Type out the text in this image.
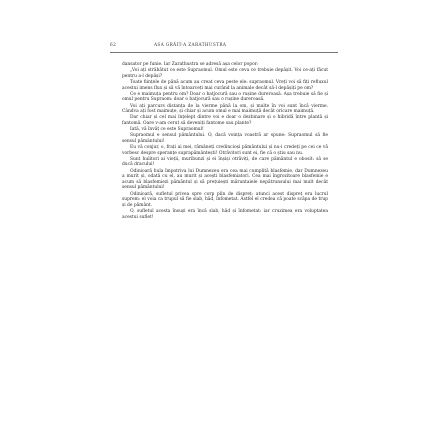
62	ASA GRĂIT-A ZARATHUSTRA

dansator pe funie. Iar Zarathustra se adresă așa celor popor:

„Voi ați străbătut ce este Supraomul. Omul este ceva ce trebuie depășit. Voi ce-ați făcut pentru a-l depăși?

Toate ființele de până acum au creat ceva peste ele: supraomul. Vreți voi să fiți refluxul acestui imens flux și să vă întoarceți mai curând la animale decât să-l depășiți pe om?

Ce e maimuța pentru om? Doar o batjocură sau o rușine dureroasă. Așa trebuie să fie și omul pentru Supraom: doar o batjocură sau o rușine dureroasă.

Voi ați parcurs distanța de la vierme până la om, și multe în voi sunt încă vierme. Cândva ați fost maimuțe, și chiar și acum omul e mai maimuță decât oricare maimuță.

Dar chiar și cel mai înțelept dintre voi e doar o dezbinare și o hibridă între plantă și fantomă. Oare v-am cerut să deveniți fantome sau plante?

Iată, vă învăț ce este Supraomul!

Supraomul e sensul pământului. O, dacă voința voastră ar spune: Supraomul să fie sensul pământului!

Eu vă conjur, o, frați ai mei, rămâneți credincioși pământului și nu-i credeți pe cei ce vă vorbesc despre speranțe suprapământești! Otrăvitori sunt ei, fie că o știu sau nu.

Sunt hulitori ai vieții, muribunzi și ei înșiși otrăviți, de care pământul e obosit: să se ducă dracului!

Odinioară hula împotriva lui Dumnezeu era cea mai cumplită blasfemie, dar Dumnezeu a murit și, odată cu el, au murit și acești blasfemiatori. Cea mai îngrozitoare blasfemie e acum să blasfemiezi pământul și să prețuiești măruntaiele nepătrunsului mai mult decât sensul pământului!

Odinioară, sufletul privea spre corp plin de dispreț: atunci acest dispreț era lucrul suprem: el voia ca trupul să fie slab, hâd, înfometat. Astfel el credea că poate scăpa de trup și de pământ.

O, sufletul acesta însuși era încă slab, hâd și înfometat: iar cruzimea era voluptatea acestui suflet!
